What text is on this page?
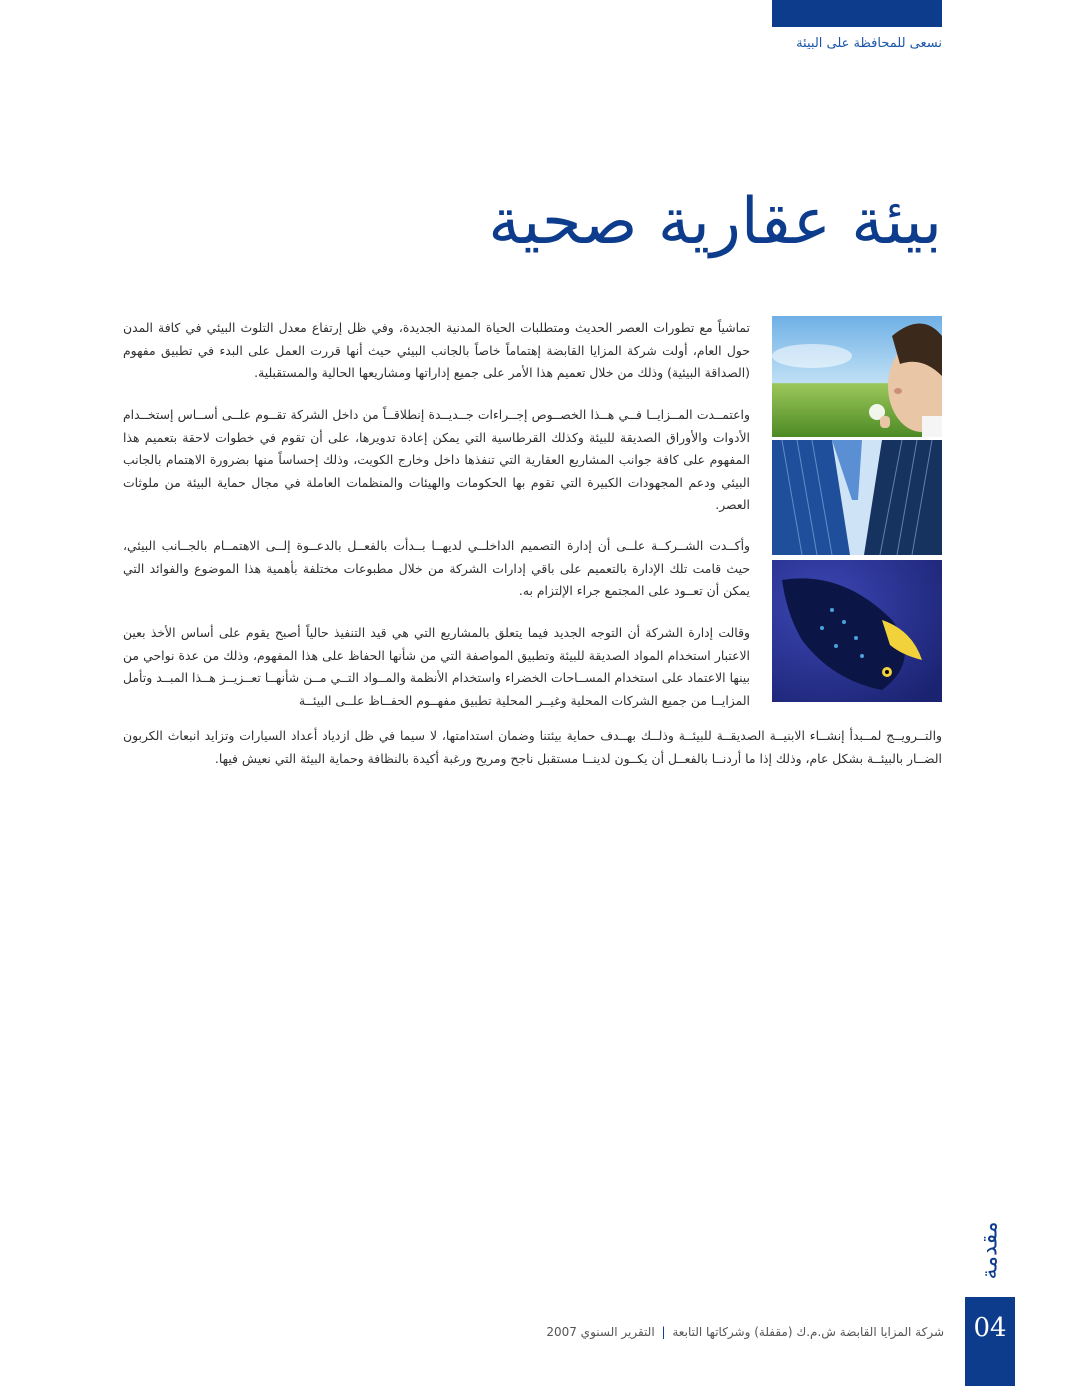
نسعى للمحافظة على البيئة
بيئة عقارية صحية

تماشياً مع تطورات العصر الحديث ومتطلبات الحياة المدنية الجديدة، وفي ظل إرتفاع معدل التلوث البيئي في كافة المدن حول العام، أولت شركة المزايا القابضة إهتماماً خاصاً بالجانب البيئي حيث أنها قررت العمل على البدء في تطبيق مفهوم (الصداقة البيئية) وذلك من خلال تعميم هذا الأمر على جميع إداراتها ومشاريعها الحالية والمستقبلية.

واعتمــدت المــزايــا فــي هــذا الخصــوص إجــراءات جــديــدة إنطلاقــاً من داخل الشركة تقــوم علــى أســاس إستخــدام الأدوات والأوراق الصديقة للبيئة وكذلك القرطاسية التي يمكن إعادة تدويرها، على أن تقوم في خطوات لاحقة بتعميم هذا المفهوم على كافة جوانب المشاريع العقارية التي تنفذها داخل وخارج الكويت، وذلك إحساساً منها بضرورة الاهتمام بالجانب البيئي ودعم المجهودات الكبيرة التي تقوم بها الحكومات والهيئات والمنظمات العاملة في مجال حماية البيئة من ملوثات العصر.

وأكــدت الشــركــة علــى أن إدارة التصميم الداخلــي لديهــا بــدأت بالفعــل بالدعــوة إلــى الاهتمــام بالجــانب البيئي، حيث قامت تلك الإدارة بالتعميم على باقي إدارات الشركة من خلال مطبوعات مختلفة بأهمية هذا الموضوع والفوائد التي يمكن أن تعــود على المجتمع جراء الإلتزام به.

وقالت إدارة الشركة أن التوجه الجديد فيما يتعلق بالمشاريع التي هي قيد التنفيذ حالياً أصبح يقوم على أساس الأخذ بعين الاعتبار استخدام المواد الصديقة للبيئة وتطبيق المواصفة التي من شأنها الحفاظ على هذا المفهوم، وذلك من عدة نواحي من بينها الاعتماد على استخدام المســاحات الخضراء واستخدام الأنظمة والمــواد التــي مــن شأنهــا تعــزيــز هــذا المبــد وتأمل المزايــا من جميع الشركات المحلية وغيــر المحلية تطبيق مفهــوم الحفــاظ علــى البيئــة

والتــرويــج لمــبدأ إنشــاء الابنيــة الصديقــة للبيئــة وذلــك بهــدف حماية بيئتنا وضمان استدامتها، لا سيما في ظل ازدياد أعداد السيارات وتزايد انبعاث الكربون الضــار بالبيئــة بشكل عام، وذلك إذا ما أردنــا بالفعــل أن يكــون لدينــا مستقبل ناجح ومريح ورغبة أكيدة بالنظافة وحماية البيئة التي نعيش فيها.

مقدمة
04
شركة المزايا القابضة ش.م.ك (مقفلة) وشركاتها التابعة | التقرير السنوي 2007
